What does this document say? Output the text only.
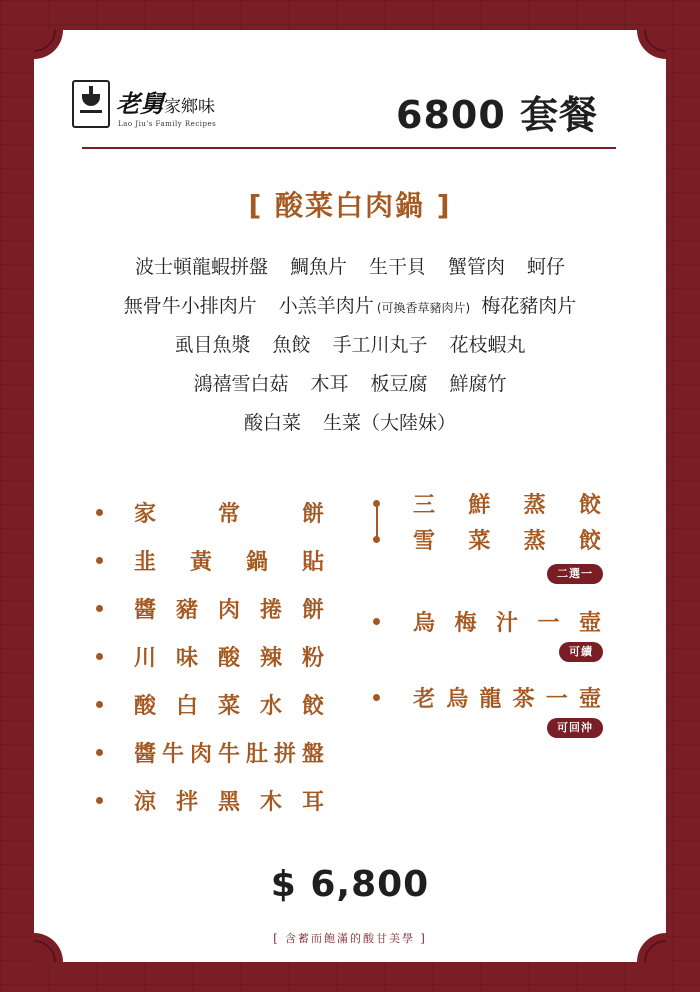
老舅家鄉味
Lao Jiu's Family Recipes	6800 套餐
[ 酸菜白肉鍋 ]
波士頓龍蝦拼盤 鯛魚片 生干貝 蟹管肉 蚵仔
無骨牛小排肉片 小羔羊肉片 (可換香草豬肉片) 梅花豬肉片
虱目魚漿 魚餃 手工川丸子 花枝蝦丸
鴻禧雪白菇 木耳 板豆腐 鮮腐竹
酸白菜 生菜（大陸妹）
家	常	餅
韭 黃 鍋 貼
醬 豬 肉 捲 餅
川 味 酸 辣 粉
酸 白 菜 水 餃
醬 牛 肉 牛 肚 拼 盤
涼 拌 黑 木 耳
三 鮮 蒸 餃
雪 菜 蒸 餃
二選一
烏 梅 汁 一 壺
可續
老 烏 龍 茶 一 壺
可回沖
$ 6,800
[ 含蓄而飽滿的酸甘美學 ]
